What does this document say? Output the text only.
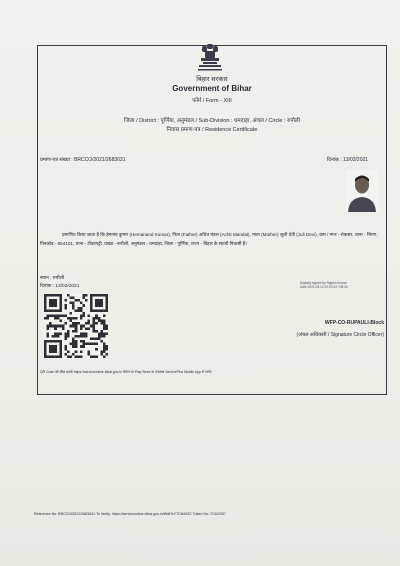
बिहार सरकार
Government of Bihar
फॉर्म / Form - XIII
जिला / District : पूर्णिया, अनुमंडल / Sub-Division : धमदाहा, अंचल / Circle : रुपौली
निवास प्रमाण-पत्र / Residence Certificate
प्रमाण-पत्र संख्या : BRCCO/2021/2683631	दिनांक : 13/03/2021
प्रमाणित किया जाता है कि हेमानंद कुमार (Hemanand Kumar), पिता (Father) अचित मंडल (Achit Mandal), माता (Mother) जुली देवी (Juli Devi), ग्राम / नगर - रोकसर, थाना - भिरण, पिनकोड - 854101, थाना - टीकापट्टी, प्रखंड - रुपौली, अनुमंडल - धमदाहा, जिला - पूर्णिया, राज्य - बिहार के स्थायी निवासी हैं।
स्थान : रुपौली
दिनांक : 13/03/2021
Digitally signed by Rajesh Kumar
Date:2021.03.13 00:23:24 +05:30
WFP-CO-RUPAULI-Block
(अंचल अधिकारी / Signature Circle Officer)
QR Code को स्कैन करके https://serviceonline.bihar.gov.in पोर्टल पर Play Store या उपलब्ध ServicePlus Mobile App से जांचें।
Reference No: BRCCO/2021/2683631 To Verify: https://serviceonline.bihar.gov.in/WdtTcYTC64X3C Token No: 7C64X3C
